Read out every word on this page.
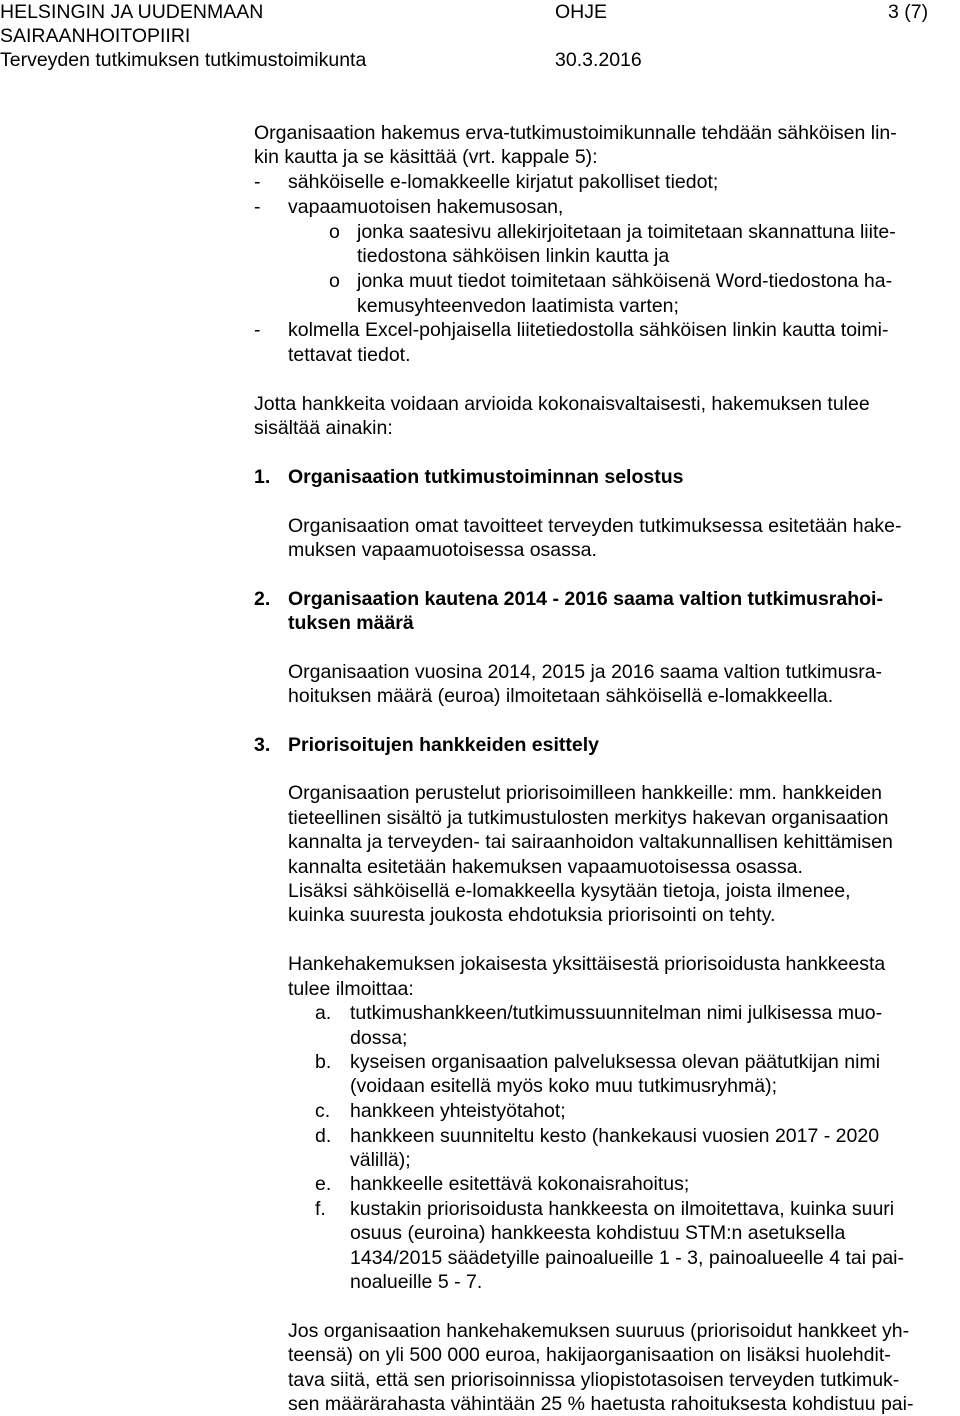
HELSINGIN JA UUDENMAAN
SAIRAANHOITOPIIRI
Terveyden tutkimuksen tutkimustoimikunta
OHJE
30.3.2016
3 (7)
Organisaation hakemus erva-tutkimustoimikunnalle tehdään sähköisen lin-
kin kautta ja se käsittää (vrt. kappale 5):
- sähköiselle e-lomakkeelle kirjatut pakolliset tiedot;
- vapaamuotoisen hakemusosan,
o jonka saatesivu allekirjoitetaan ja toimitetaan skannattuna liite-
tiedostona sähköisen linkin kautta ja
o jonka muut tiedot toimitetaan sähköisenä Word-tiedostona ha-
kemusyhteenvedon laatimista varten;
- kolmella Excel-pohjaisella liitetiedostolla sähköisen linkin kautta toimi-
tettavat tiedot.
Jotta hankkeita voidaan arvioida kokonaisvaltaisesti, hakemuksen tulee
sisältää ainakin:
1. Organisaation tutkimustoiminnan selostus
Organisaation omat tavoitteet terveyden tutkimuksessa esitetään hake-
muksen vapaamuotoisessa osassa.
2. Organisaation kautena 2014 - 2016 saama valtion tutkimusrahoi-
tuksen määrä
Organisaation vuosina 2014, 2015 ja 2016 saama valtion tutkimusra-
hoituksen määrä (euroa) ilmoitetaan sähköisellä e-lomakkeella.
3. Priorisoitujen hankkeiden esittely
Organisaation perustelut priorisoimilleen hankkeille: mm. hankkeiden
tieteellinen sisältö ja tutkimustulosten merkitys hakevan organisaation
kannalta ja terveyden- tai sairaanhoidon valtakunnallisen kehittämisen
kannalta esitetään hakemuksen vapaamuotoisessa osassa.
Lisäksi sähköisellä e-lomakkeella kysytään tietoja, joista ilmenee,
kuinka suuresta joukosta ehdotuksia priorisointi on tehty.
Hankehakemuksen jokaisesta yksittäisestä priorisoidusta hankkeesta
tulee ilmoittaa:
a. tutkimushankkeen/tutkimussuunnitelman nimi julkisessa muo-
dossa;
b. kyseisen organisaation palveluksessa olevan päätutkijan nimi
(voidaan esitellä myös koko muu tutkimusryhmä);
c. hankkeen yhteistyötahot;
d. hankkeen suunniteltu kesto (hankekausi vuosien 2017 - 2020
välillä);
e. hankkeelle esitettävä kokonaisrahoitus;
f. kustakin priorisoidusta hankkeesta on ilmoitettava, kuinka suuri
osuus (euroina) hankkeesta kohdistuu STM:n asetuksella
1434/2015 säädetyille painoalueille 1 - 3, painoalueelle 4 tai pai-
noalueille 5 - 7.
Jos organisaation hankehakemuksen suuruus (priorisoidut hankkeet yh-
teensä) on yli 500 000 euroa, hakijaorganisaation on lisäksi huolehdit-
tava siitä, että sen priorisoinnissa yliopistotasoisen terveyden tutkimuk-
sen määrärahasta vähintään 25 % haetusta rahoituksesta kohdistuu pai-
